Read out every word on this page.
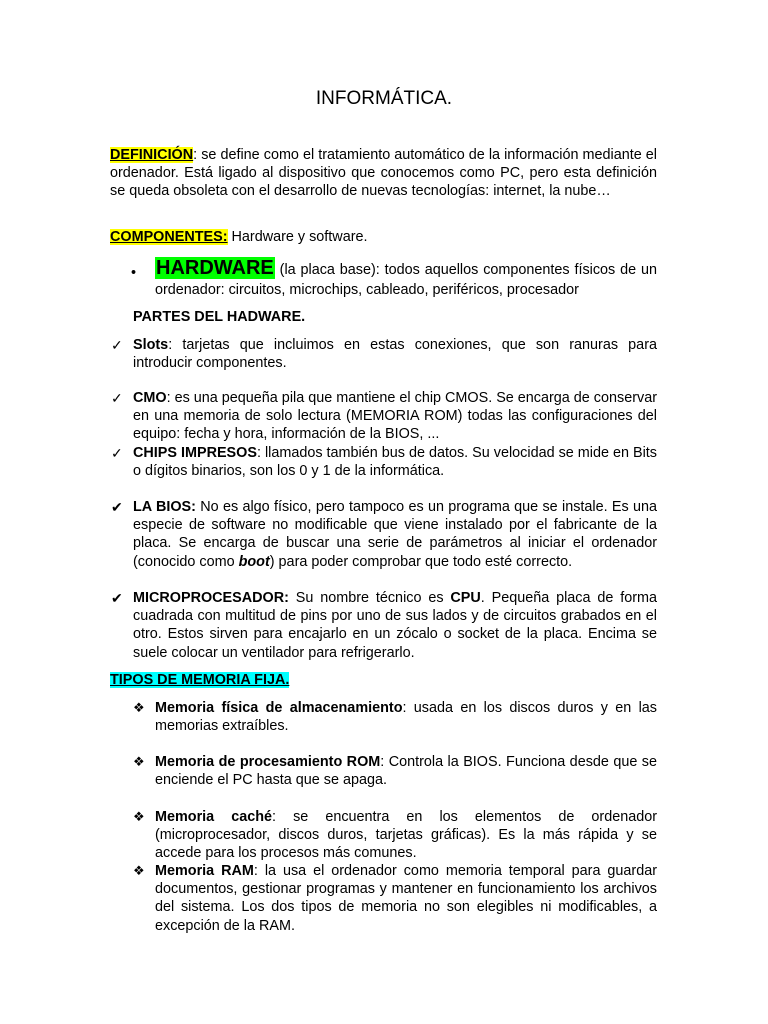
INFORMÁTICA.

DEFINICIÓN: se define como el tratamiento automático de la información mediante el ordenador. Está ligado al dispositivo que conocemos como PC, pero esta definición se queda obsoleta con el desarrollo de nuevas tecnologías: internet, la nube…

COMPONENTES: Hardware y software.

• HARDWARE (la placa base): todos aquellos componentes físicos de un ordenador: circuitos, microchips, cableado, periféricos, procesador

PARTES DEL HADWARE.
✓ Slots: tarjetas que incluimos en estas conexiones, que son ranuras para introducir componentes.

✓ CMO: es una pequeña pila que mantiene el chip CMOS. Se encarga de conservar en una memoria de solo lectura (MEMORIA ROM) todas las configuraciones del equipo: fecha y hora, información de la BIOS, ...

✓ CHIPS IMPRESOS: llamados también bus de datos. Su velocidad se mide en Bits o dígitos binarios, son los 0 y 1 de la informática.

✔ LA BIOS: No es algo físico, pero tampoco es un programa que se instale. Es una especie de software no modificable que viene instalado por el fabricante de la placa. Se encarga de buscar una serie de parámetros al iniciar el ordenador (conocido como boot) para poder comprobar que todo esté correcto.

✔ MICROPROCESADOR: Su nombre técnico es CPU. Pequeña placa de forma cuadrada con multitud de pins por uno de sus lados y de circuitos grabados en el otro. Estos sirven para encajarlo en un zócalo o socket de la placa. Encima se suele colocar un ventilador para refrigerarlo.

TIPOS DE MEMORIA FIJA.
❖ Memoria física de almacenamiento: usada en los discos duros y en las memorias extraíbles.

❖ Memoria de procesamiento ROM: Controla la BIOS. Funciona desde que se enciende el PC hasta que se apaga.

❖ Memoria caché: se encuentra en los elementos de ordenador (microprocesador, discos duros, tarjetas gráficas). Es la más rápida y se accede para los procesos más comunes.

❖ Memoria RAM: la usa el ordenador como memoria temporal para guardar documentos, gestionar programas y mantener en funcionamiento los archivos del sistema. Los dos tipos de memoria no son elegibles ni modificables, a excepción de la RAM.
